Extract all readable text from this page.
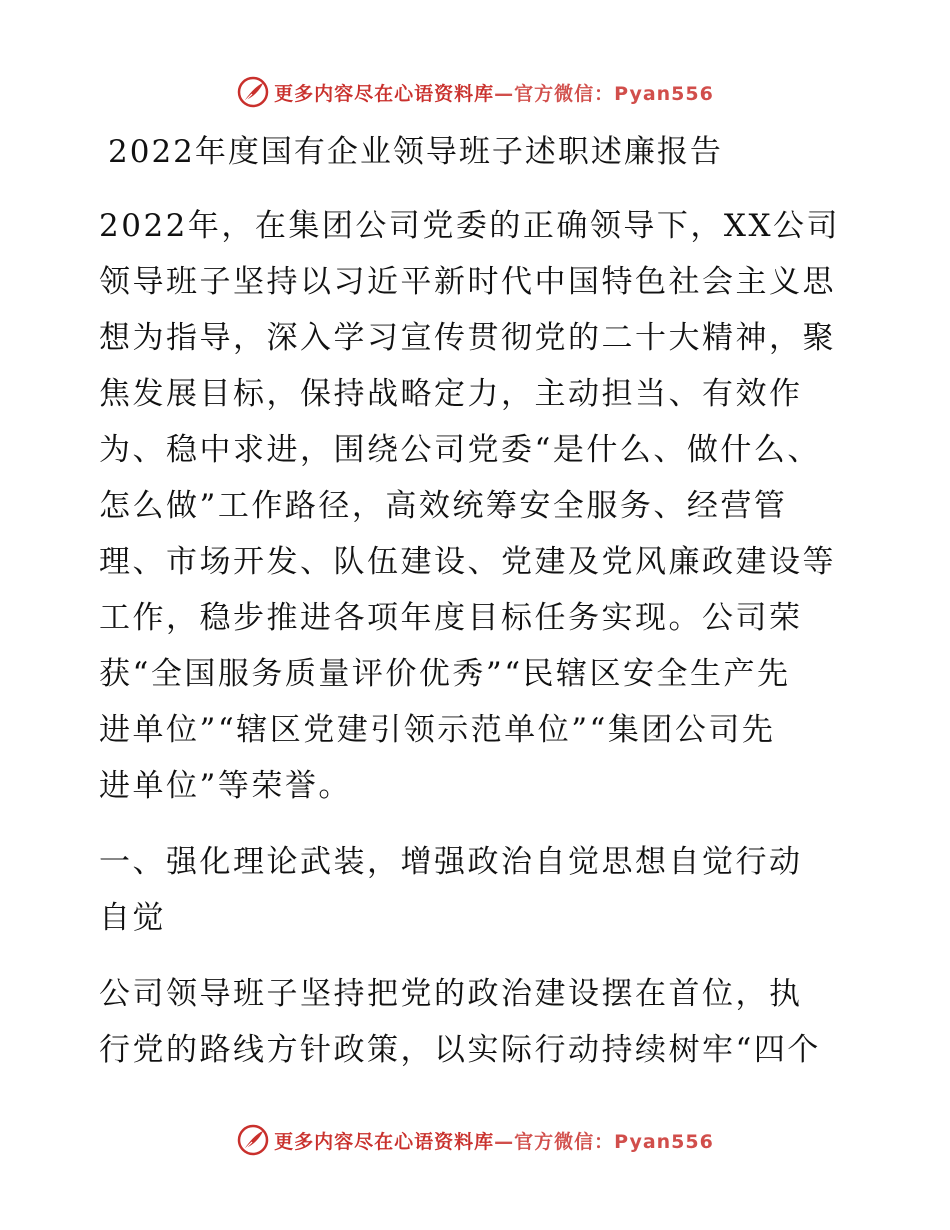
更多内容尽在心语资料库 —官方微信：Pyan556
2022年度国有企业领导班子述职述廉报告
2022年，在集团公司党委的正确领导下，XX公司
领导班子坚持以习近平新时代中国特色社会主义思
想为指导，深入学习宣传贯彻党的二十大精神，聚
焦发展目标，保持战略定力，主动担当、有效作
为、稳中求进，围绕公司党委“是什么、做什么、
怎么做”工作路径，高效统筹安全服务、经营管
理、市场开发、队伍建设、党建及党风廉政建设等
工作，稳步推进各项年度目标任务实现。公司荣
获“全国服务质量评价优秀”“民辖区安全生产先
进单位”“辖区党建引领示范单位”“集团公司先
进单位”等荣誉。
一、强化理论武装，增强政治自觉思想自觉行动
自觉
公司领导班子坚持把党的政治建设摆在首位，执
行党的路线方针政策，以实际行动持续树牢“四个
更多内容尽在心语资料库 —官方微信：Pyan556
